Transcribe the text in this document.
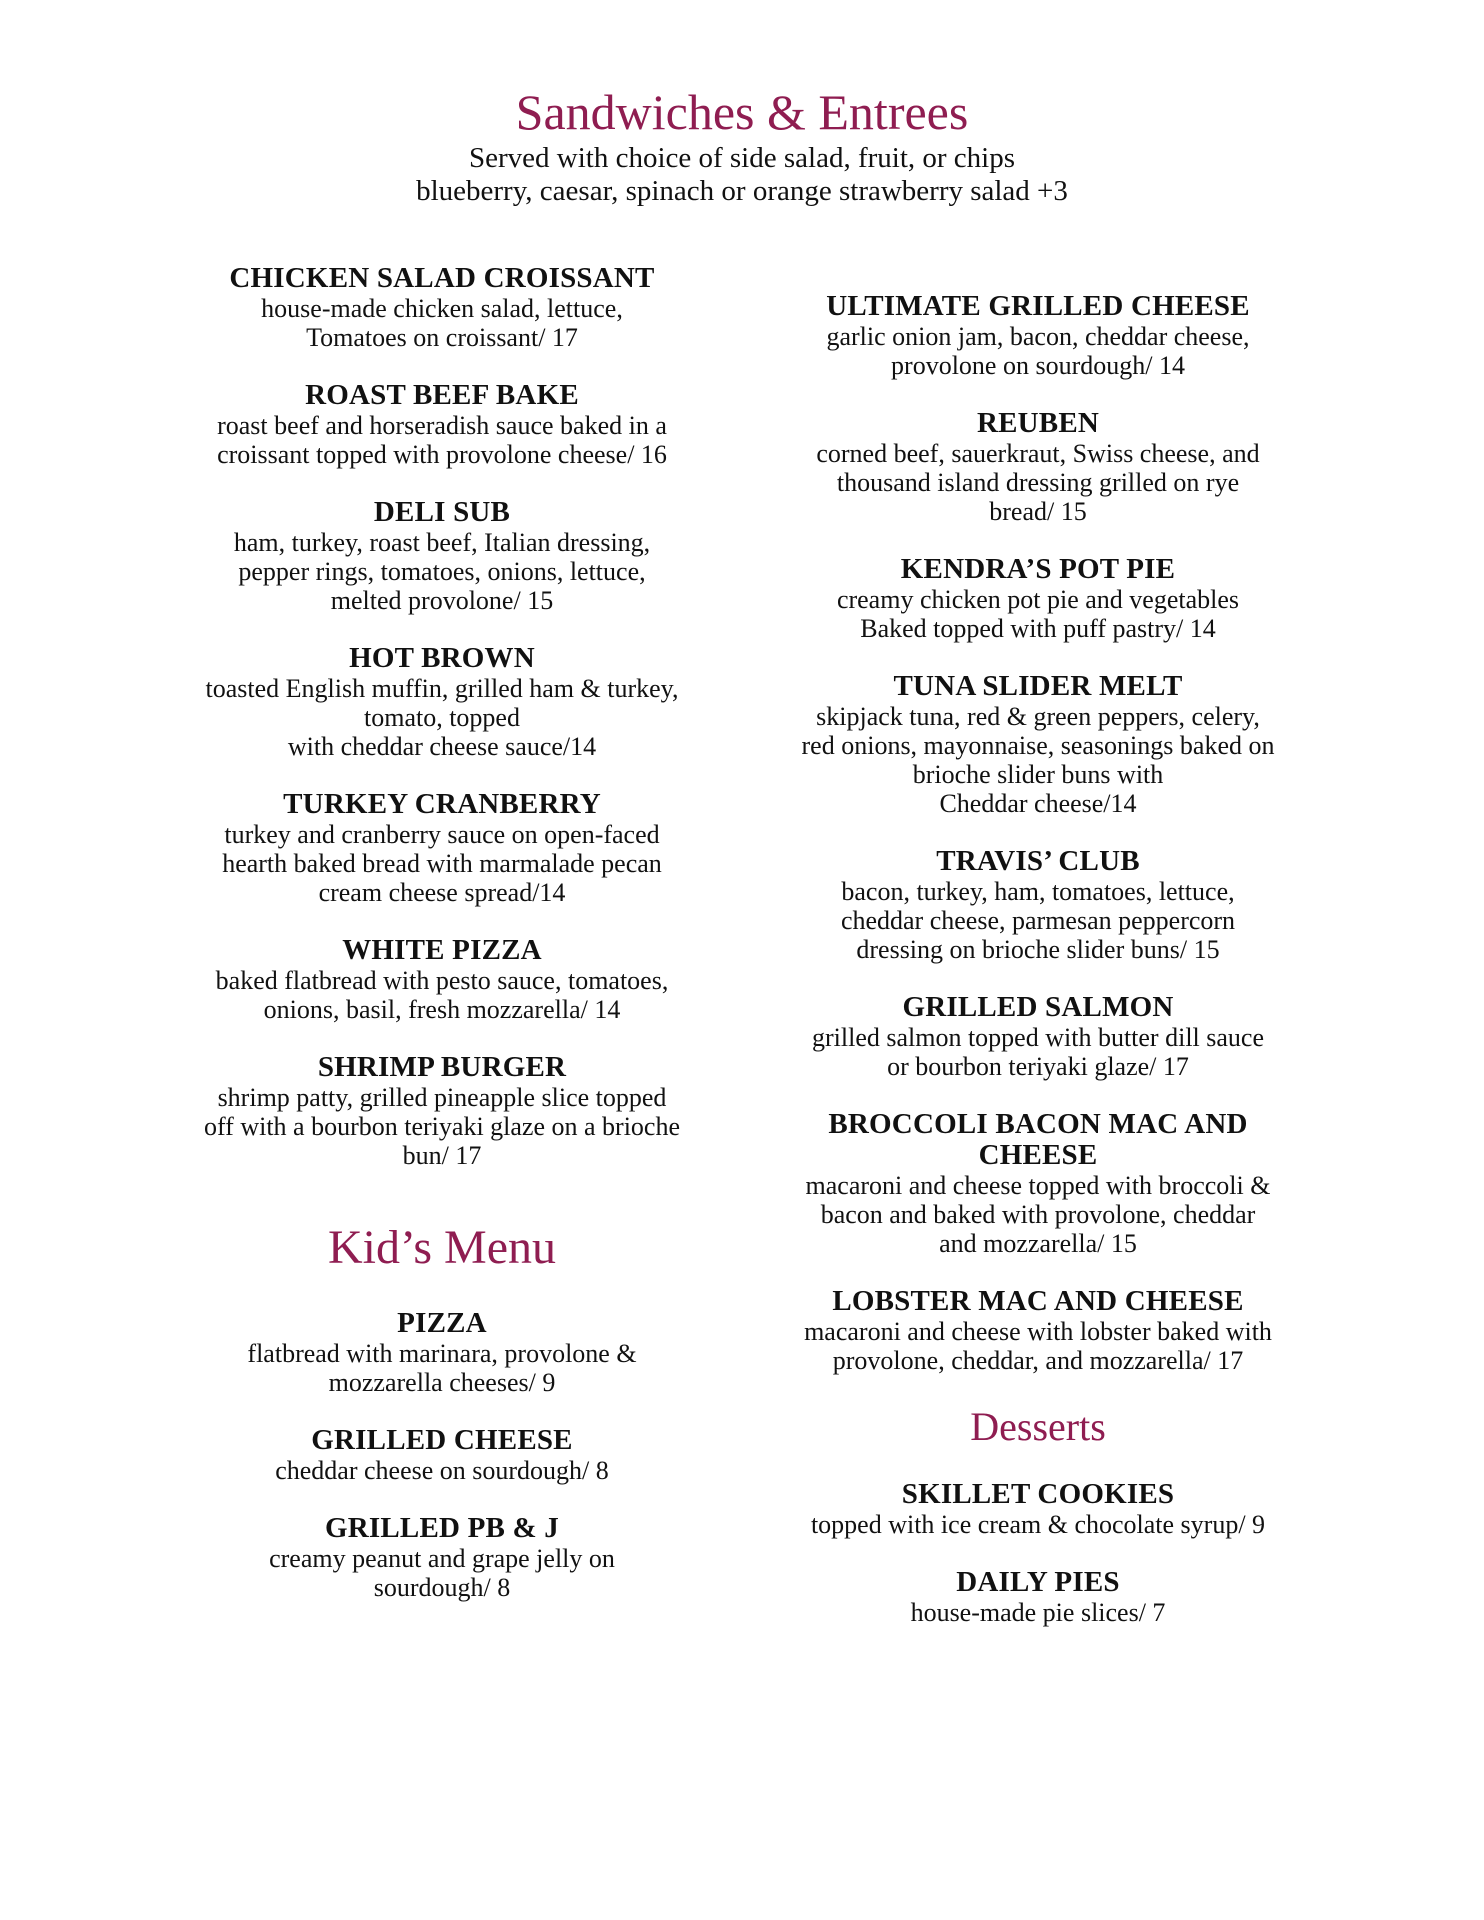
Sandwiches & Entrees

Served with choice of side salad, fruit, or chips

blueberry, caesar, spinach or orange strawberry salad +3

CHICKEN SALAD CROISSANT

house-made chicken salad, lettuce,
Tomatoes on croissant/ 17

ROAST BEEF BAKE

roast beef and horseradish sauce baked in a
croissant topped with provolone cheese/ 16

DELI SUB

ham, turkey, roast beef, Italian dressing,
pepper rings, tomatoes, onions, lettuce,
melted provolone/ 15

HOT BROWN

toasted English muffin, grilled ham & turkey,
tomato, topped
with cheddar cheese sauce/14

TURKEY CRANBERRY

turkey and cranberry sauce on open-faced
hearth baked bread with marmalade pecan
cream cheese spread/14

WHITE PIZZA

baked flatbread with pesto sauce, tomatoes,
onions, basil, fresh mozzarella/ 14

SHRIMP BURGER

shrimp patty, grilled pineapple slice topped
off with a bourbon teriyaki glaze on a brioche
bun/ 17

Kid’s Menu

PIZZA

flatbread with marinara, provolone &
mozzarella cheeses/ 9

GRILLED CHEESE

cheddar cheese on sourdough/ 8

GRILLED PB & J

creamy peanut and grape jelly on
sourdough/ 8

ULTIMATE GRILLED CHEESE

garlic onion jam, bacon, cheddar cheese,
provolone on sourdough/ 14

REUBEN

corned beef, sauerkraut, Swiss cheese, and
thousand island dressing grilled on rye
bread/ 15

KENDRA’S POT PIE

creamy chicken pot pie and vegetables
Baked topped with puff pastry/ 14

TUNA SLIDER MELT

skipjack tuna, red & green peppers, celery,
red onions, mayonnaise, seasonings baked on
brioche slider buns with
Cheddar cheese/14

TRAVIS’ CLUB

bacon, turkey, ham, tomatoes, lettuce,
cheddar cheese, parmesan peppercorn
dressing on brioche slider buns/ 15

GRILLED SALMON

grilled salmon topped with butter dill sauce
or bourbon teriyaki glaze/ 17

BROCCOLI BACON MAC AND
CHEESE

macaroni and cheese topped with broccoli &
bacon and baked with provolone, cheddar
and mozzarella/ 15

LOBSTER MAC AND CHEESE

macaroni and cheese with lobster baked with
provolone, cheddar, and mozzarella/ 17

Desserts

SKILLET COOKIES

topped with ice cream & chocolate syrup/ 9

DAILY PIES

house-made pie slices/ 7
